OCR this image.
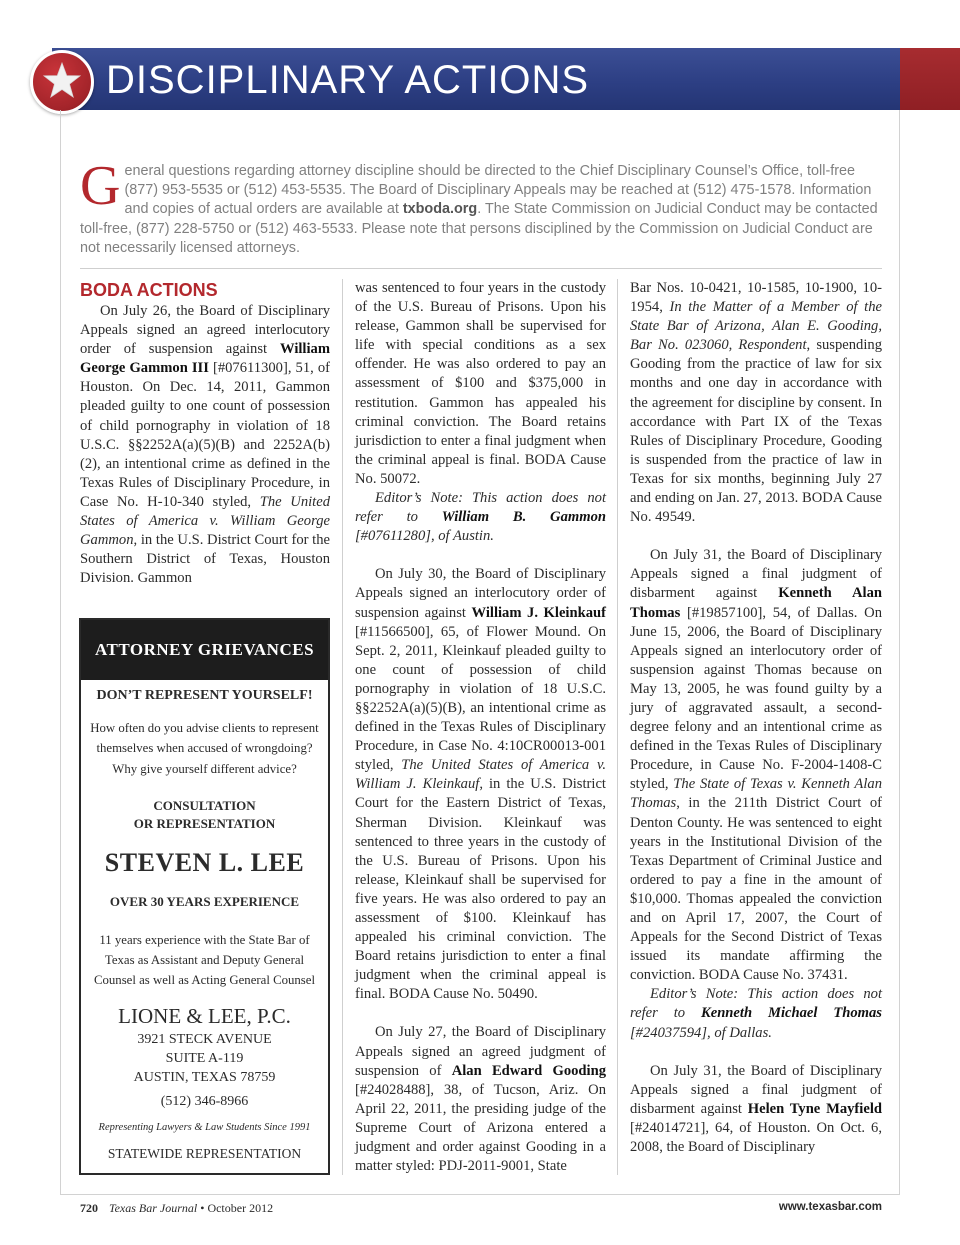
DISCIPLINARY ACTIONS
General questions regarding attorney discipline should be directed to the Chief Disciplinary Counsel’s Office, toll-free (877) 953-5535 or (512) 453-5535. The Board of Disciplinary Appeals may be reached at (512) 475-1578. Information and copies of actual orders are available at txboda.org. The State Commission on Judicial Conduct may be contacted toll-free, (877) 228-5750 or (512) 463-5533. Please note that persons disciplined by the Commission on Judicial Conduct are not necessarily licensed attorneys.
BODA ACTIONS

On July 26, the Board of Disciplinary Appeals signed an agreed interlocutory order of suspension against William George Gammon III [#07611300], 51, of Houston. On Dec. 14, 2011, Gammon pleaded guilty to one count of possession of child pornography in violation of 18 U.S.C. §§2252A(a)(5)(B) and 2252A(b)(2), an intentional crime as defined in the Texas Rules of Disciplinary Procedure, in Case No. H-10-340 styled, The United States of America v. William George Gammon, in the U.S. District Court for the Southern District of Texas, Houston Division. Gammon

ATTORNEY GRIEVANCES
DON’T REPRESENT YOURSELF!
How often do you advise clients to represent
themselves when accused of wrongdoing?
Why give yourself different advice?
CONSULTATION
OR REPRESENTATION
STEVEN L. LEE
OVER 30 YEARS EXPERIENCE
11 years experience with the State Bar of
Texas as Assistant and Deputy General
Counsel as well as Acting General Counsel
LIONE & LEE, P.C.
3921 STECK AVENUE
SUITE A-119
AUSTIN, TEXAS 78759
(512) 346-8966
Representing Lawyers & Law Students Since 1991
STATEWIDE REPRESENTATION

was sentenced to four years in the custody of the U.S. Bureau of Prisons. Upon his release, Gammon shall be supervised for life with special conditions as a sex offender. He was also ordered to pay an assessment of $100 and $375,000 in restitution. Gammon has appealed his criminal conviction. The Board retains jurisdiction to enter a final judgment when the criminal appeal is final. BODA Cause No. 50072.

Editor’s Note: This action does not refer to William B. Gammon [#07611280], of Austin.

On July 30, the Board of Disciplinary Appeals signed an interlocutory order of suspension against William J. Kleinkauf [#11566500], 65, of Flower Mound. On Sept. 2, 2011, Kleinkauf pleaded guilty to one count of possession of child pornography in violation of 18 U.S.C. §§2252A(a)(5)(B), an intentional crime as defined in the Texas Rules of Disciplinary Procedure, in Case No. 4:10CR00013-001 styled, The United States of America v. William J. Kleinkauf, in the U.S. District Court for the Eastern District of Texas, Sherman Division. Kleinkauf was sentenced to three years in the custody of the U.S. Bureau of Prisons. Upon his release, Kleinkauf shall be supervised for five years. He was also ordered to pay an assessment of $100. Kleinkauf has appealed his criminal conviction. The Board retains jurisdiction to enter a final judgment when the criminal appeal is final. BODA Cause No. 50490.

On July 27, the Board of Disciplinary Appeals signed an agreed judgment of suspension of Alan Edward Gooding [#24028488], 38, of Tucson, Ariz. On April 22, 2011, the presiding judge of the Supreme Court of Arizona entered a judgment and order against Gooding in a matter styled: PDJ-2011-9001, State

Bar Nos. 10-0421, 10-1585, 10-1900, 10-1954, In the Matter of a Member of the State Bar of Arizona, Alan E. Gooding, Bar No. 023060, Respondent, suspending Gooding from the practice of law for six months and one day in accordance with the agreement for discipline by consent. In accordance with Part IX of the Texas Rules of Disciplinary Procedure, Gooding is suspended from the practice of law in Texas for six months, beginning July 27 and ending on Jan. 27, 2013. BODA Cause No. 49549.

On July 31, the Board of Disciplinary Appeals signed a final judgment of disbarment against Kenneth Alan Thomas [#19857100], 54, of Dallas. On June 15, 2006, the Board of Disciplinary Appeals signed an interlocutory order of suspension against Thomas because on May 13, 2005, he was found guilty by a jury of aggravated assault, a second-degree felony and an intentional crime as defined in the Texas Rules of Disciplinary Procedure, in Cause No. F-2004-1408-C styled, The State of Texas v. Kenneth Alan Thomas, in the 211th District Court of Denton County. He was sentenced to eight years in the Institutional Division of the Texas Department of Criminal Justice and ordered to pay a fine in the amount of $10,000. Thomas appealed the conviction and on April 17, 2007, the Court of Appeals for the Second District of Texas issued its mandate affirming the conviction. BODA Cause No. 37431.

Editor’s Note: This action does not refer to Kenneth Michael Thomas [#24037594], of Dallas.

On July 31, the Board of Disciplinary Appeals signed a final judgment of disbarment against Helen Tyne Mayfield [#24014721], 64, of Houston. On Oct. 6, 2008, the Board of Disciplinary

720 Texas Bar Journal • October 2012	www.texasbar.com
